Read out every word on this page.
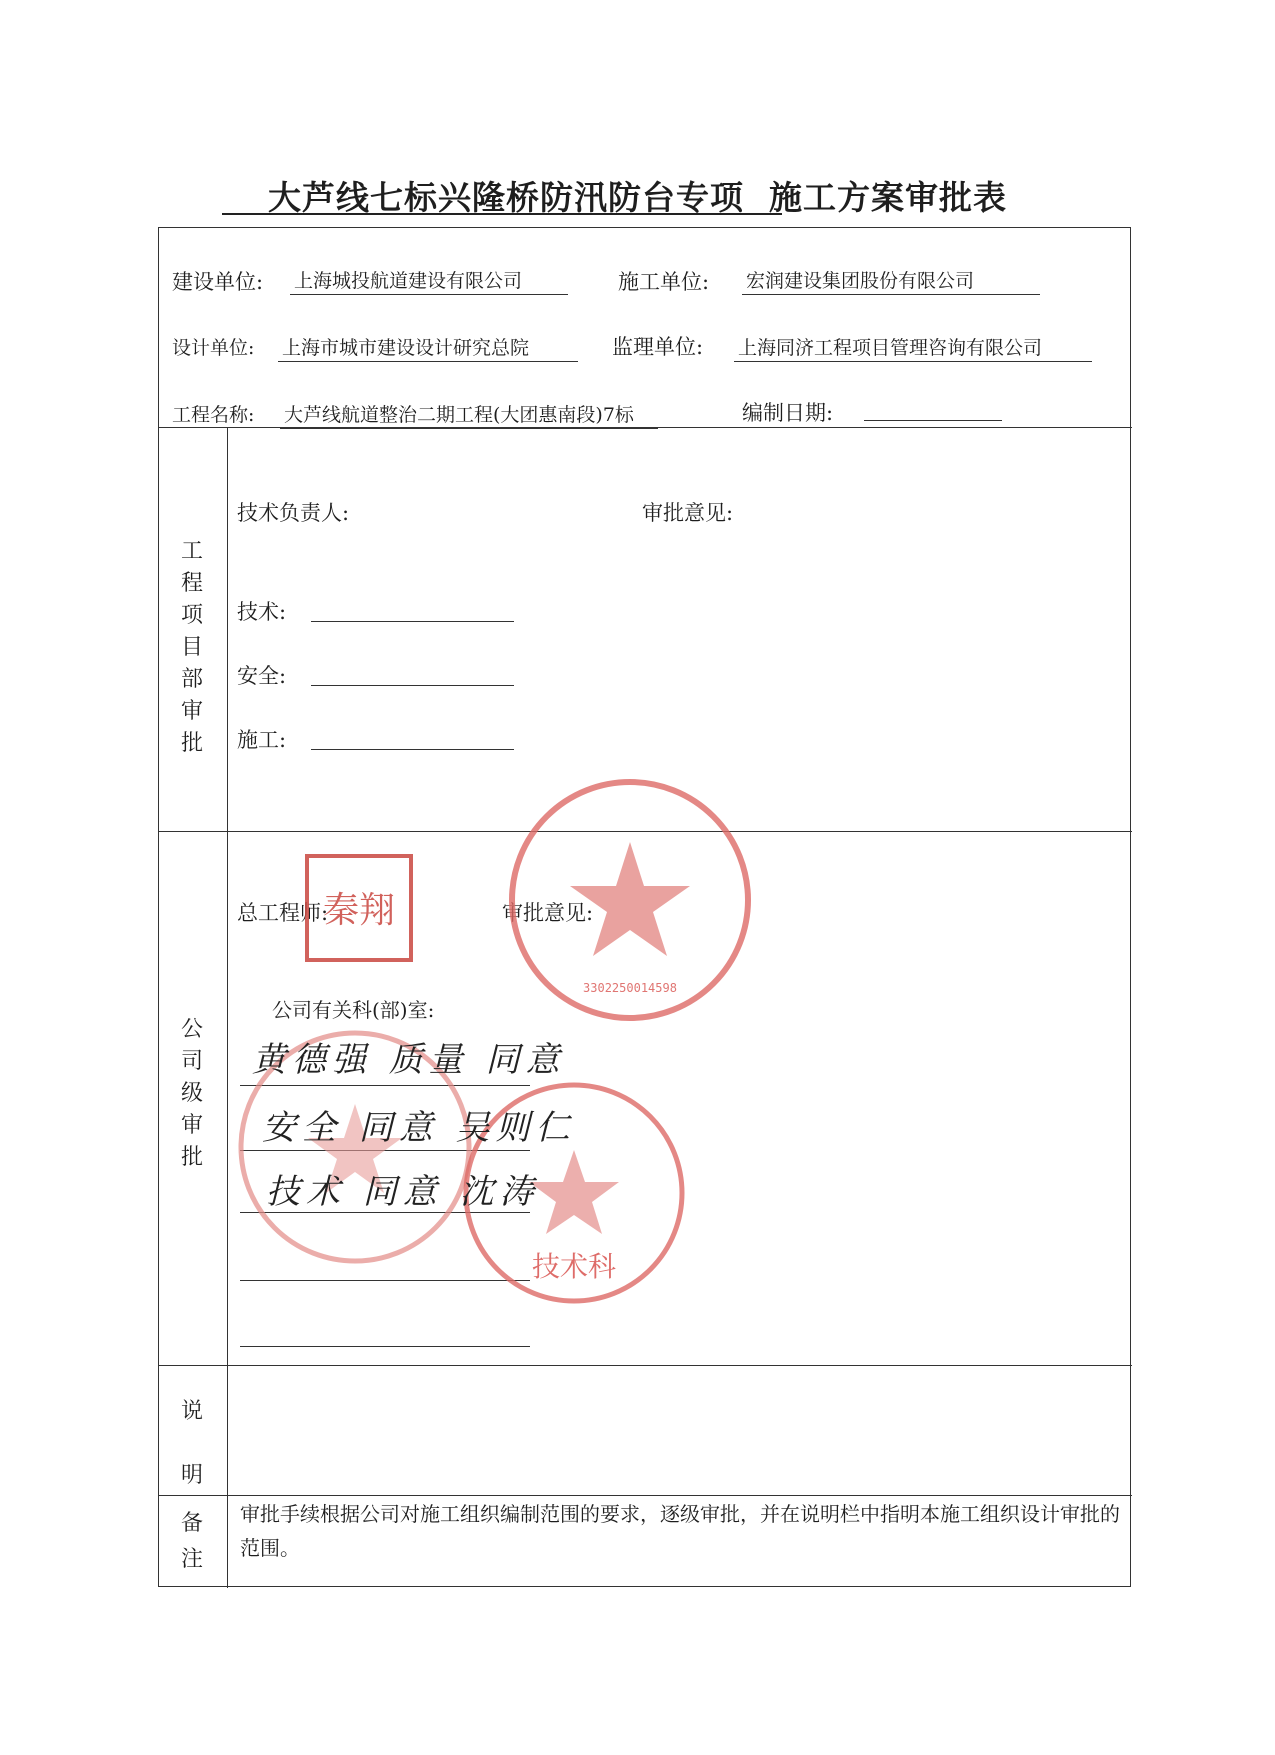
大芦线七标兴隆桥防汛防台专项 施工方案审批表
建设单位: 上海城投航道建设有限公司	施工单位: 宏润建设集团股份有限公司
设计单位: 上海市城市建设设计研究总院	监理单位: 上海同济工程项目管理咨询有限公司
工程名称: 大芦线航道整治二期工程(大团惠南段)7标	编制日期:
工
程
项
目
部
审
批
技术负责人:	审批意见:
技术:
安全:
施工:
公
司
级
审
批
总工程师:	审批意见:
公司有关科(部)室:
3302250014598
秦翔
技术科
黄德强 质量 同意
安全 同意 吴则仁
技术 同意 沈涛
说
明
备
注
审批手续根据公司对施工组织编制范围的要求，逐级审批，并在说明栏中指明本施工组织设计审批的范围。
